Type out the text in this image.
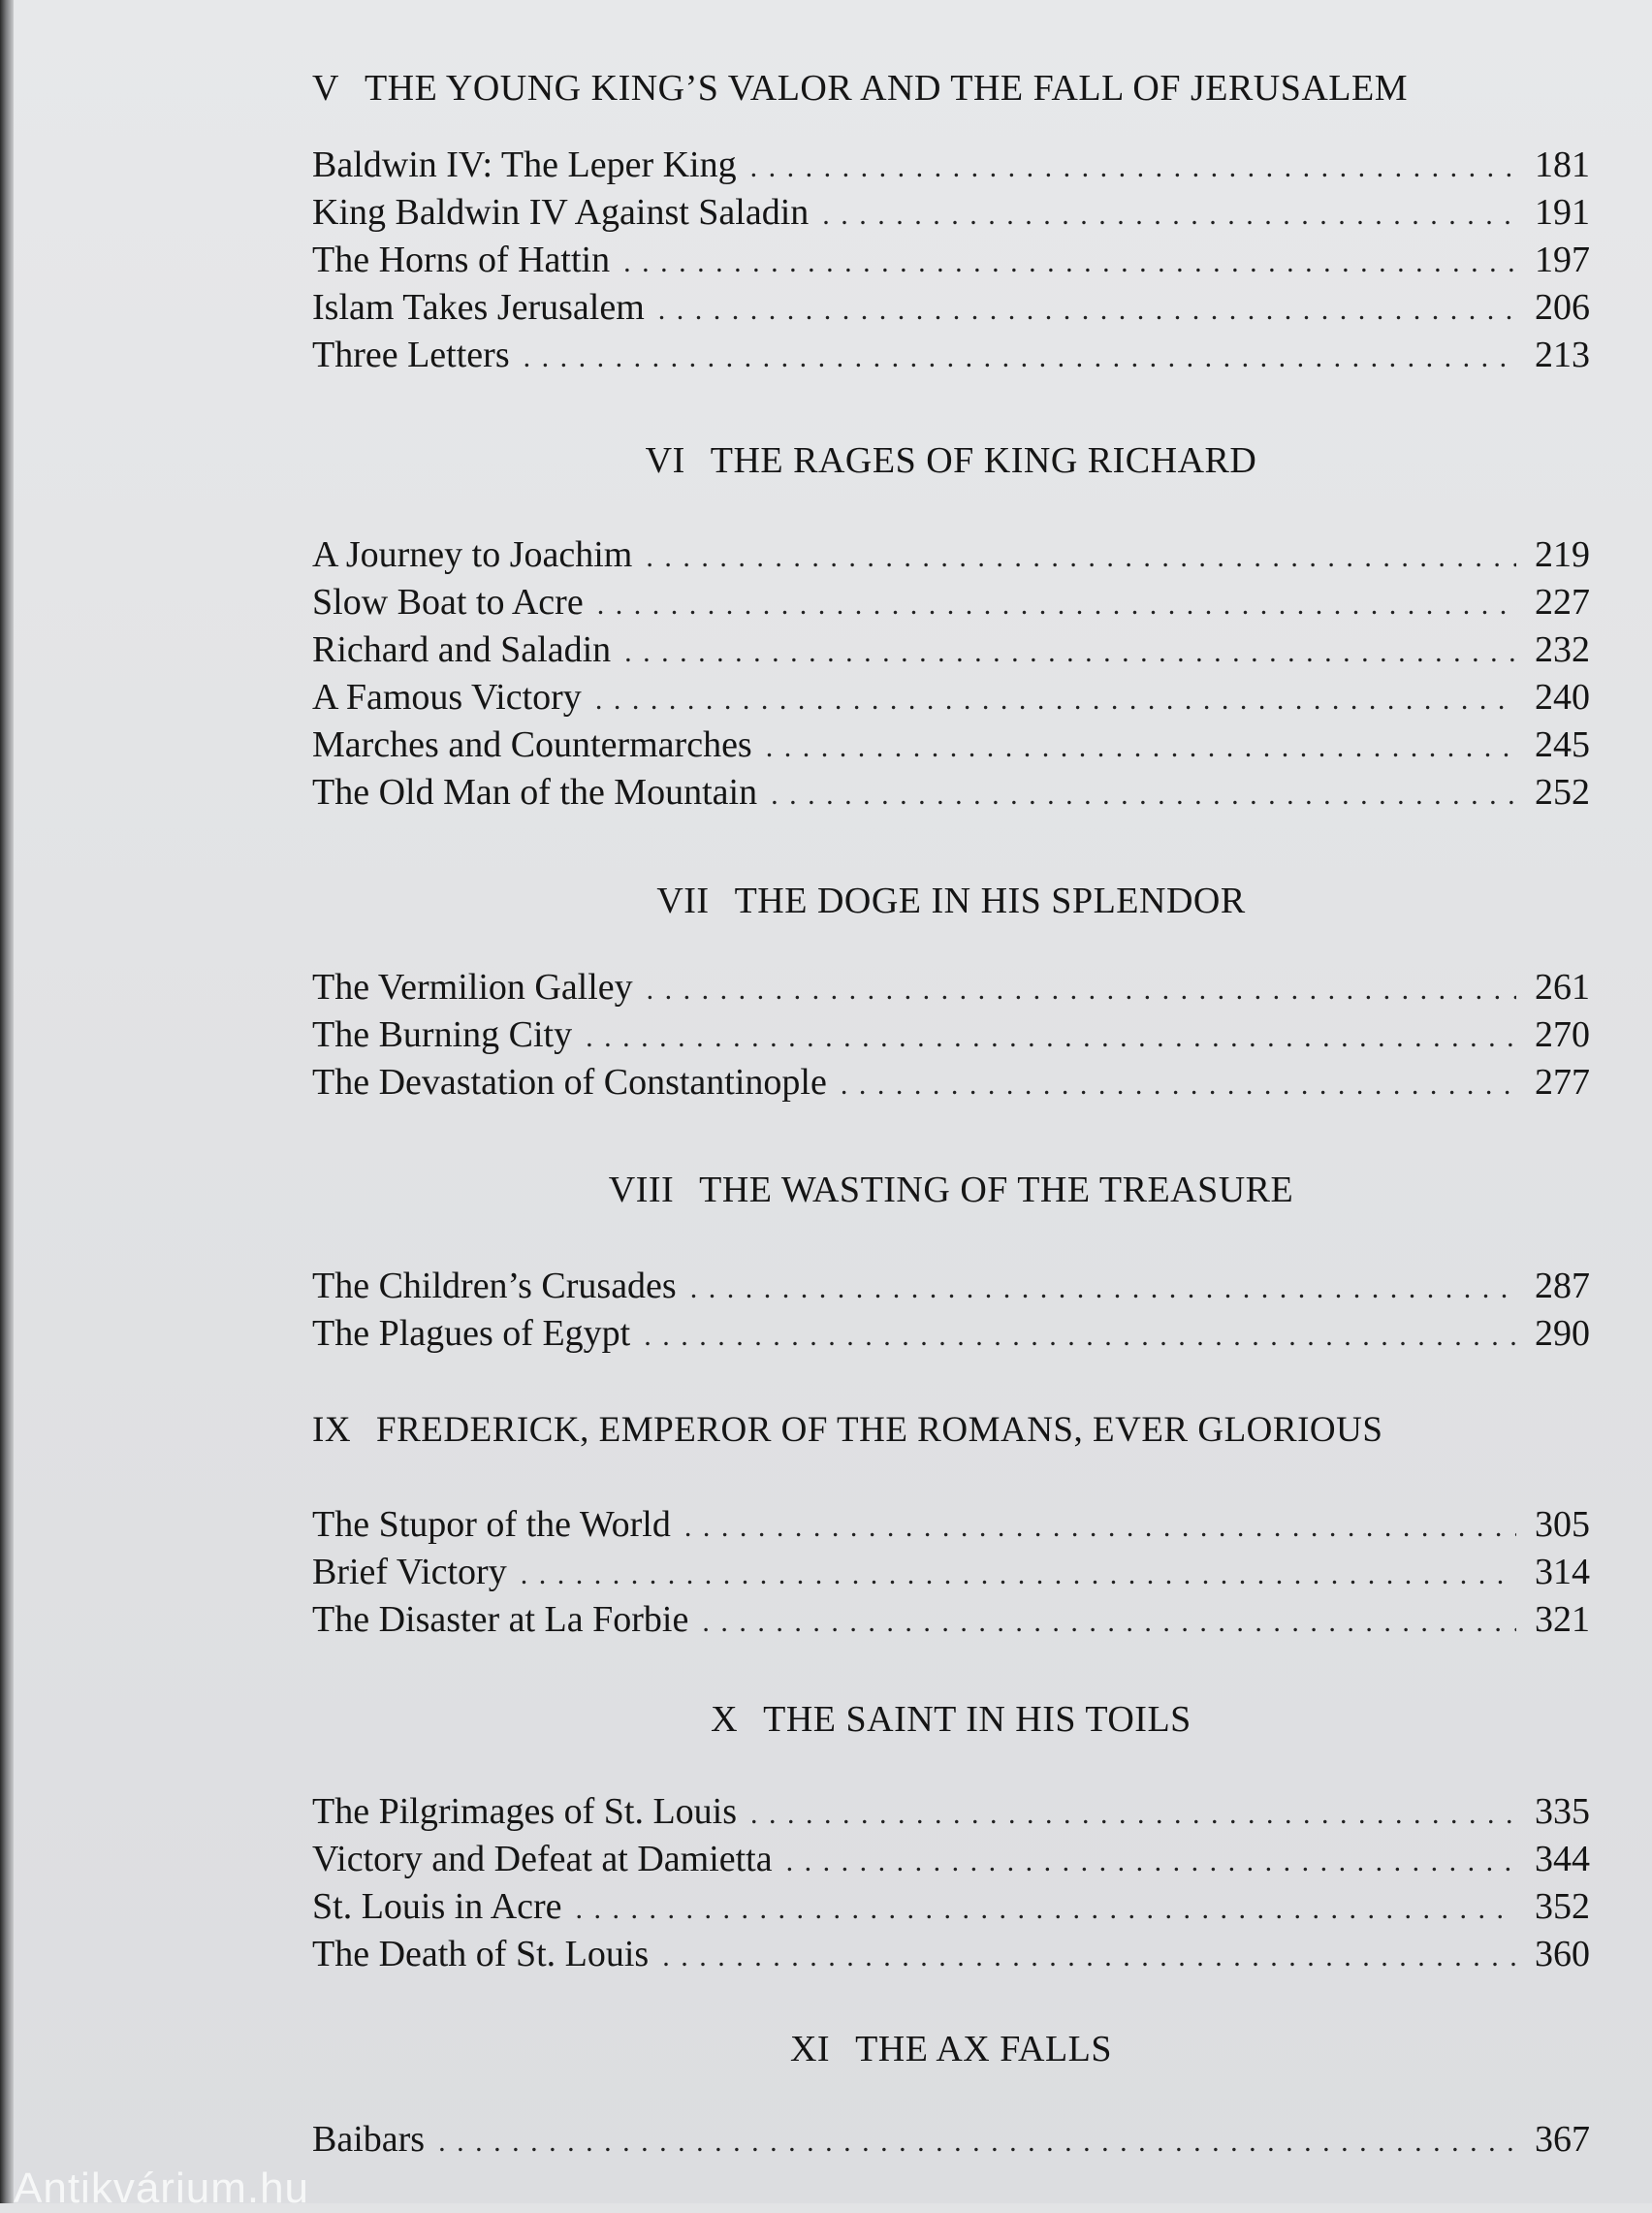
V THE YOUNG KING’S VALOR AND THE FALL OF JERUSALEM
Baldwin IV: The Leper King . . .	181
King Baldwin IV Against Saladin . . .	191
The Horns of Hattin . . .	197
Islam Takes Jerusalem . . .	206
Three Letters . . .	213
VI THE RAGES OF KING RICHARD
A Journey to Joachim . . .	219
Slow Boat to Acre . . .	227
Richard and Saladin . . .	232
A Famous Victory . . .	240
Marches and Countermarches . . .	245
The Old Man of the Mountain . . .	252
VII THE DOGE IN HIS SPLENDOR
The Vermilion Galley . . .	261
The Burning City . . .	270
The Devastation of Constantinople . . .	277
VIII THE WASTING OF THE TREASURE
The Children’s Crusades . . .	287
The Plagues of Egypt . . .	290
IX FREDERICK, EMPEROR OF THE ROMANS, EVER GLORIOUS
The Stupor of the World . . .	305
Brief Victory . . .	314
The Disaster at La Forbie . . .	321
X THE SAINT IN HIS TOILS
The Pilgrimages of St. Louis . . .	335
Victory and Defeat at Damietta . . .	344
St. Louis in Acre . . .	352
The Death of St. Louis . . .	360
XI THE AX FALLS
Baibars . . .	367
Antikvárium.hu
